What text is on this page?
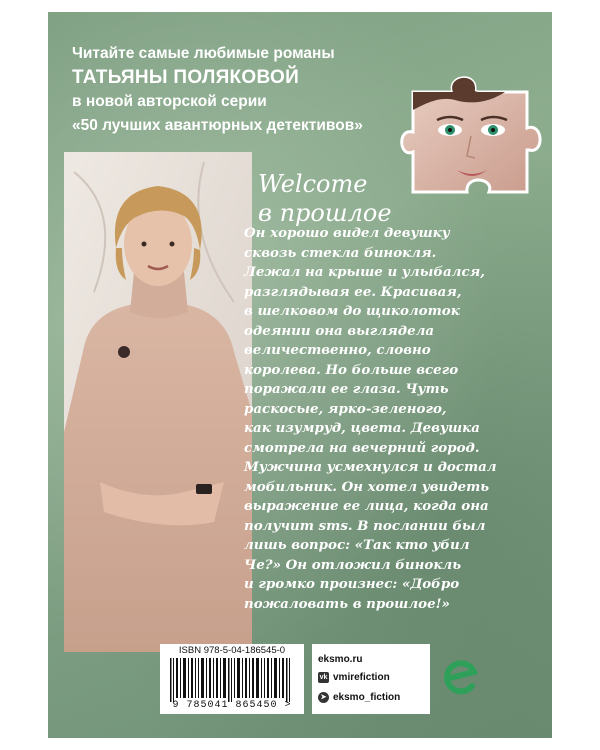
Читайте самые любимые романы
ТАТЬЯНЫ ПОЛЯКОВОЙ
в новой авторской серии
«50 лучших авантюрных детективов»
Welcome
в прошлое
Он хорошо видел девушку
сквозь стекла бинокля.
Лежал на крыше и улыбался,
разглядывая ее. Красивая,
в шелковом до щиколоток
одеянии она выглядела
величественно, словно
королева. Но больше всего
поражали ее глаза. Чуть
раскосые, ярко-зеленого,
как изумруд, цвета. Девушка
смотрела на вечерний город.
Мужчина усмехнулся и достал
мобильник. Он хотел увидеть
выражение ее лица, когда она
получит sms. В послании был
лишь вопрос: «Так кто убил
Че?» Он отложил бинокль
и громко произнес: «Добро
пожаловать в прошлое!»
ISBN 978-5-04-186545-0
9 785041 865450 >
eksmo.ru
vk vmirefiction
➤ eksmo_fiction
